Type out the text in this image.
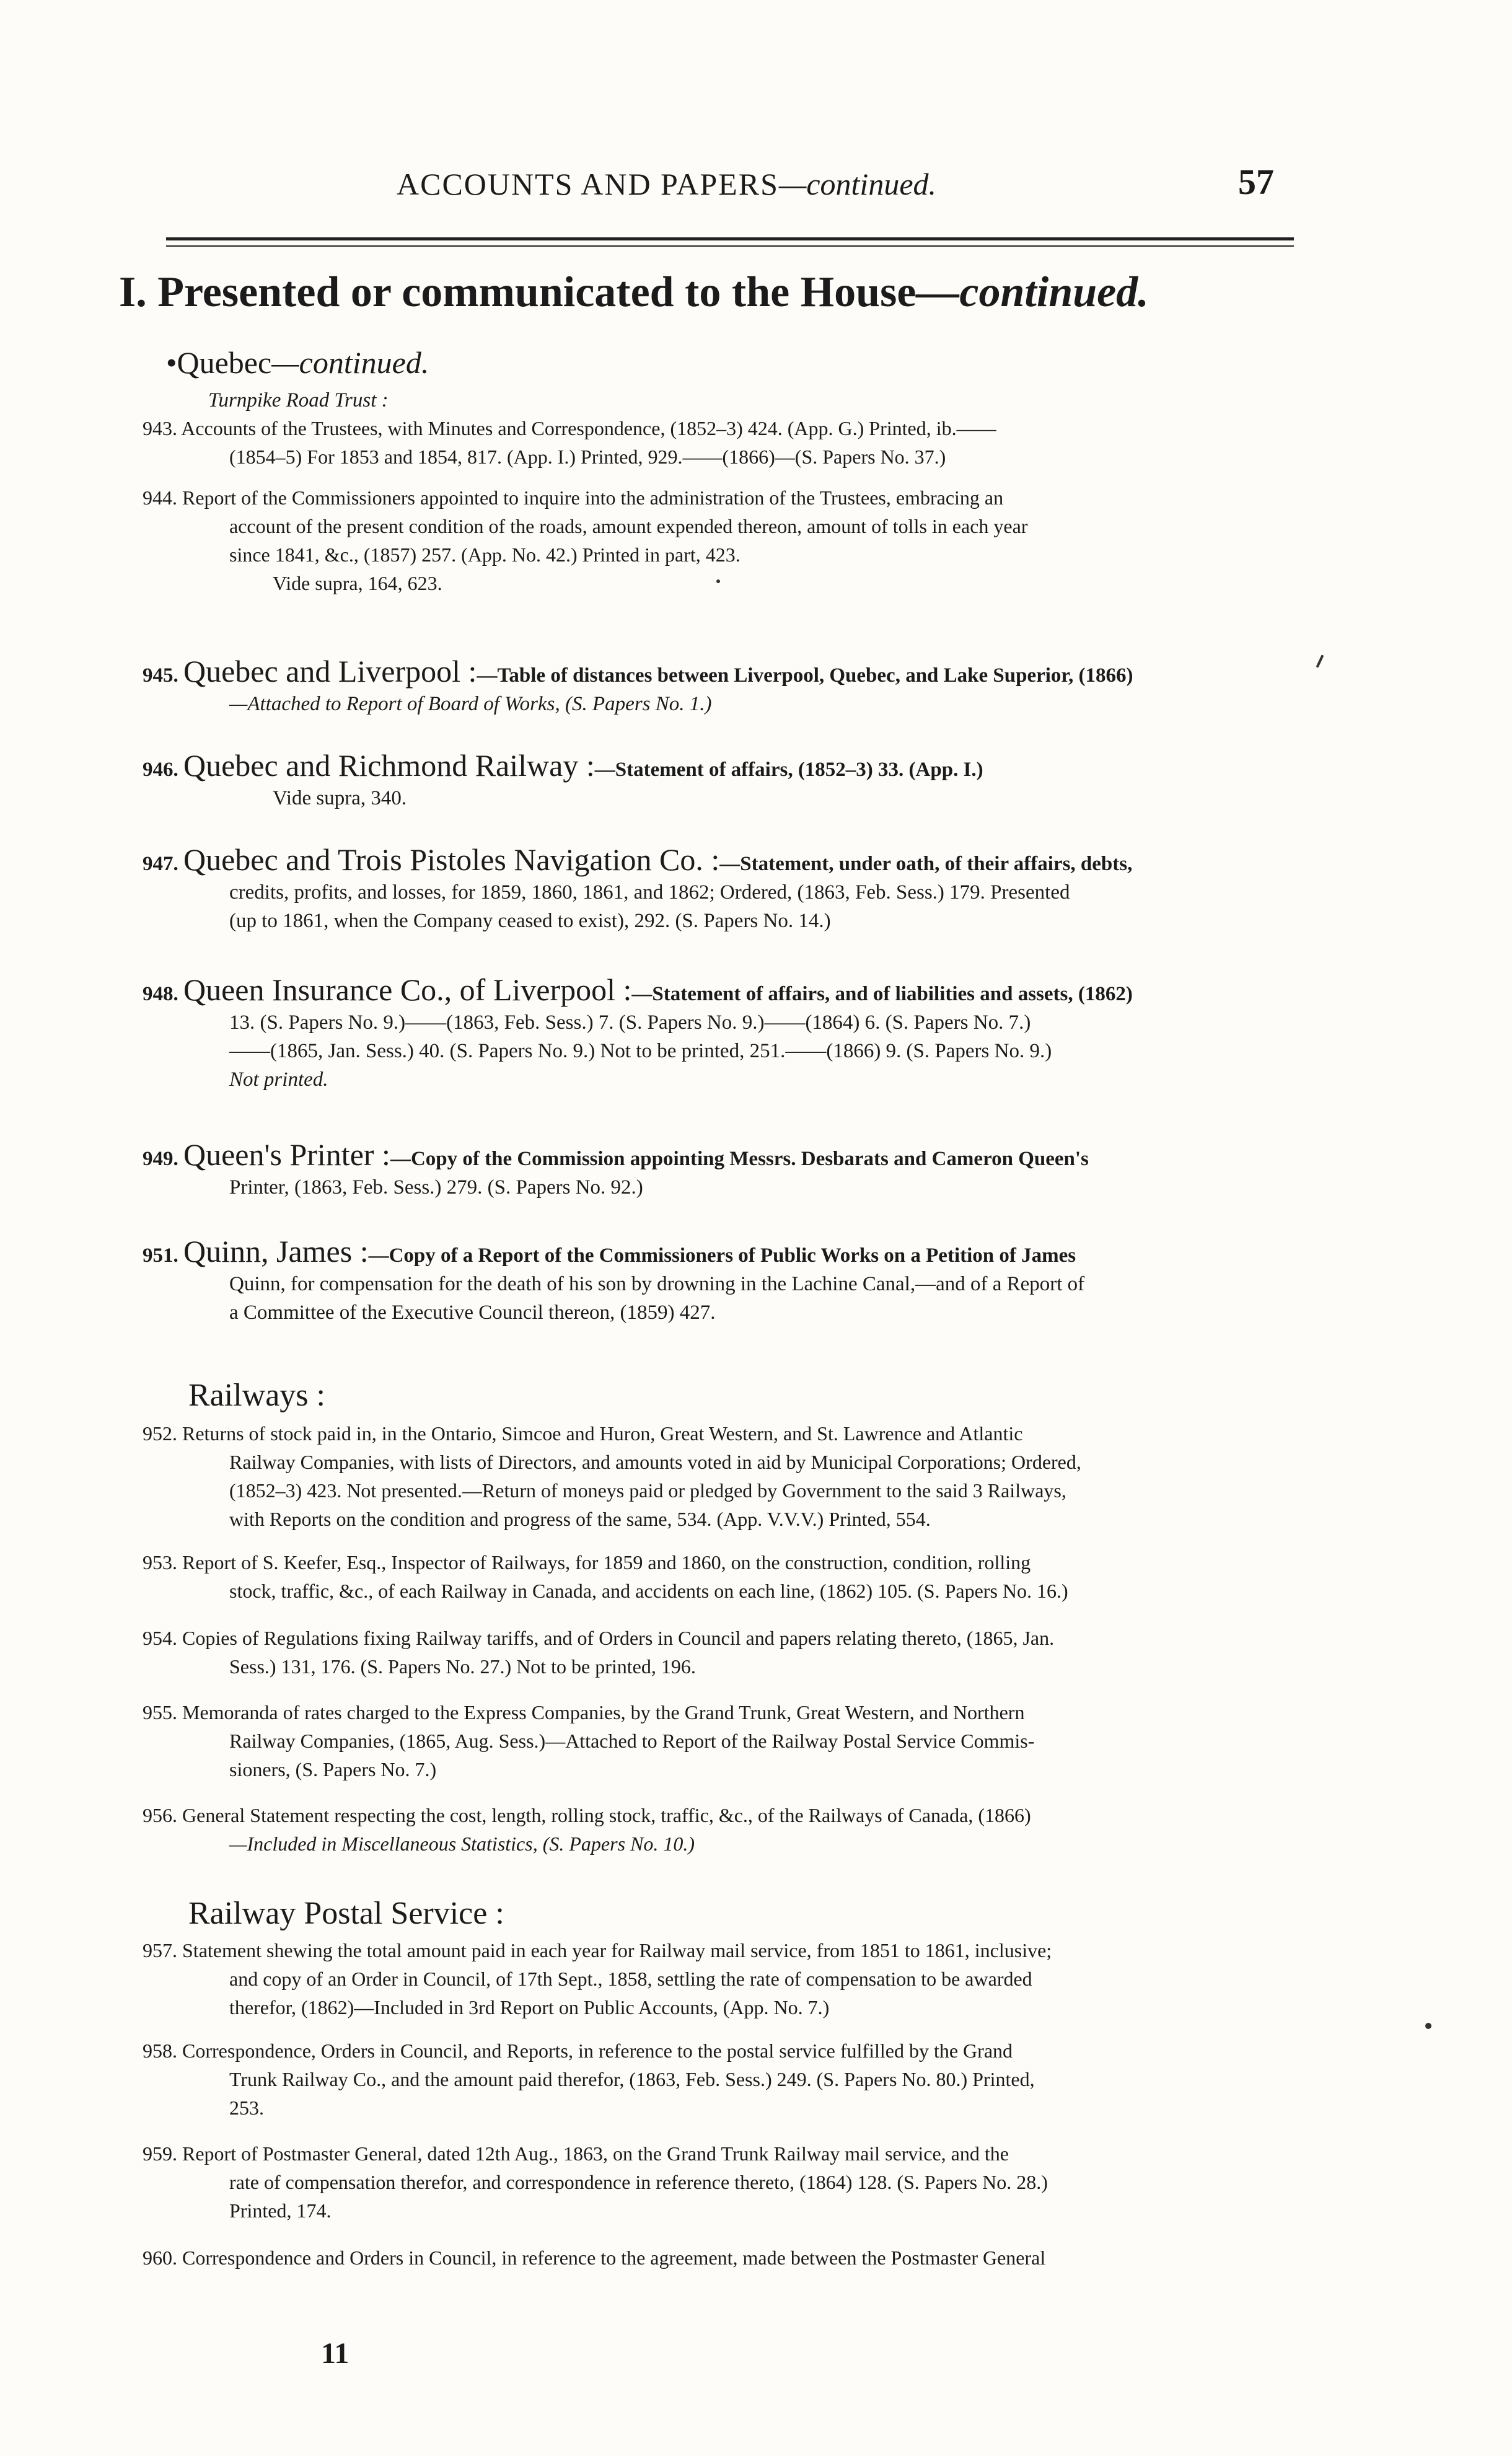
ACCOUNTS AND PAPERS—continued.	57
I. Presented or communicated to the House—continued.
•Quebec—continued.
Turnpike Road Trust :
943. Accounts of the Trustees, with Minutes and Correspondence, (1852–3) 424. (App. G.) Printed, ib.——
(1854–5) For 1853 and 1854, 817. (App. I.) Printed, 929.——(1866)—(S. Papers No. 37.)
944. Report of the Commissioners appointed to inquire into the administration of the Trustees, embracing an
account of the present condition of the roads, amount expended thereon, amount of tolls in each year
since 1841, &c., (1857) 257. (App. No. 42.) Printed in part, 423.
Vide supra, 164, 623.
945. Quebec and Liverpool :—Table of distances between Liverpool, Quebec, and Lake Superior, (1866)
—Attached to Report of Board of Works, (S. Papers No. 1.)
946. Quebec and Richmond Railway :—Statement of affairs, (1852–3) 33. (App. I.)
Vide supra, 340.
947. Quebec and Trois Pistoles Navigation Co. :—Statement, under oath, of their affairs, debts,
credits, profits, and losses, for 1859, 1860, 1861, and 1862; Ordered, (1863, Feb. Sess.) 179. Presented
(up to 1861, when the Company ceased to exist), 292. (S. Papers No. 14.)
948. Queen Insurance Co., of Liverpool :—Statement of affairs, and of liabilities and assets, (1862)
13. (S. Papers No. 9.)——(1863, Feb. Sess.) 7. (S. Papers No. 9.)——(1864) 6. (S. Papers No. 7.)
——(1865, Jan. Sess.) 40. (S. Papers No. 9.) Not to be printed, 251.——(1866) 9. (S. Papers No. 9.)
Not printed.
949. Queen's Printer :—Copy of the Commission appointing Messrs. Desbarats and Cameron Queen's
Printer, (1863, Feb. Sess.) 279. (S. Papers No. 92.)
951. Quinn, James :—Copy of a Report of the Commissioners of Public Works on a Petition of James
Quinn, for compensation for the death of his son by drowning in the Lachine Canal,—and of a Report of
a Committee of the Executive Council thereon, (1859) 427.
Railways :
952. Returns of stock paid in, in the Ontario, Simcoe and Huron, Great Western, and St. Lawrence and Atlantic
Railway Companies, with lists of Directors, and amounts voted in aid by Municipal Corporations; Ordered,
(1852–3) 423. Not presented.—Return of moneys paid or pledged by Government to the said 3 Railways,
with Reports on the condition and progress of the same, 534. (App. V.V.V.) Printed, 554.
953. Report of S. Keefer, Esq., Inspector of Railways, for 1859 and 1860, on the construction, condition, rolling
stock, traffic, &c., of each Railway in Canada, and accidents on each line, (1862) 105. (S. Papers No. 16.)
954. Copies of Regulations fixing Railway tariffs, and of Orders in Council and papers relating thereto, (1865, Jan.
Sess.) 131, 176. (S. Papers No. 27.) Not to be printed, 196.
955. Memoranda of rates charged to the Express Companies, by the Grand Trunk, Great Western, and Northern
Railway Companies, (1865, Aug. Sess.)—Attached to Report of the Railway Postal Service Commis-
sioners, (S. Papers No. 7.)
956. General Statement respecting the cost, length, rolling stock, traffic, &c., of the Railways of Canada, (1866)
—Included in Miscellaneous Statistics, (S. Papers No. 10.)
Railway Postal Service :
957. Statement shewing the total amount paid in each year for Railway mail service, from 1851 to 1861, inclusive;
and copy of an Order in Council, of 17th Sept., 1858, settling the rate of compensation to be awarded
therefor, (1862)—Included in 3rd Report on Public Accounts, (App. No. 7.)
958. Correspondence, Orders in Council, and Reports, in reference to the postal service fulfilled by the Grand
Trunk Railway Co., and the amount paid therefor, (1863, Feb. Sess.) 249. (S. Papers No. 80.) Printed,
253.
959. Report of Postmaster General, dated 12th Aug., 1863, on the Grand Trunk Railway mail service, and the
rate of compensation therefor, and correspondence in reference thereto, (1864) 128. (S. Papers No. 28.)
Printed, 174.
960. Correspondence and Orders in Council, in reference to the agreement, made between the Postmaster General
11
